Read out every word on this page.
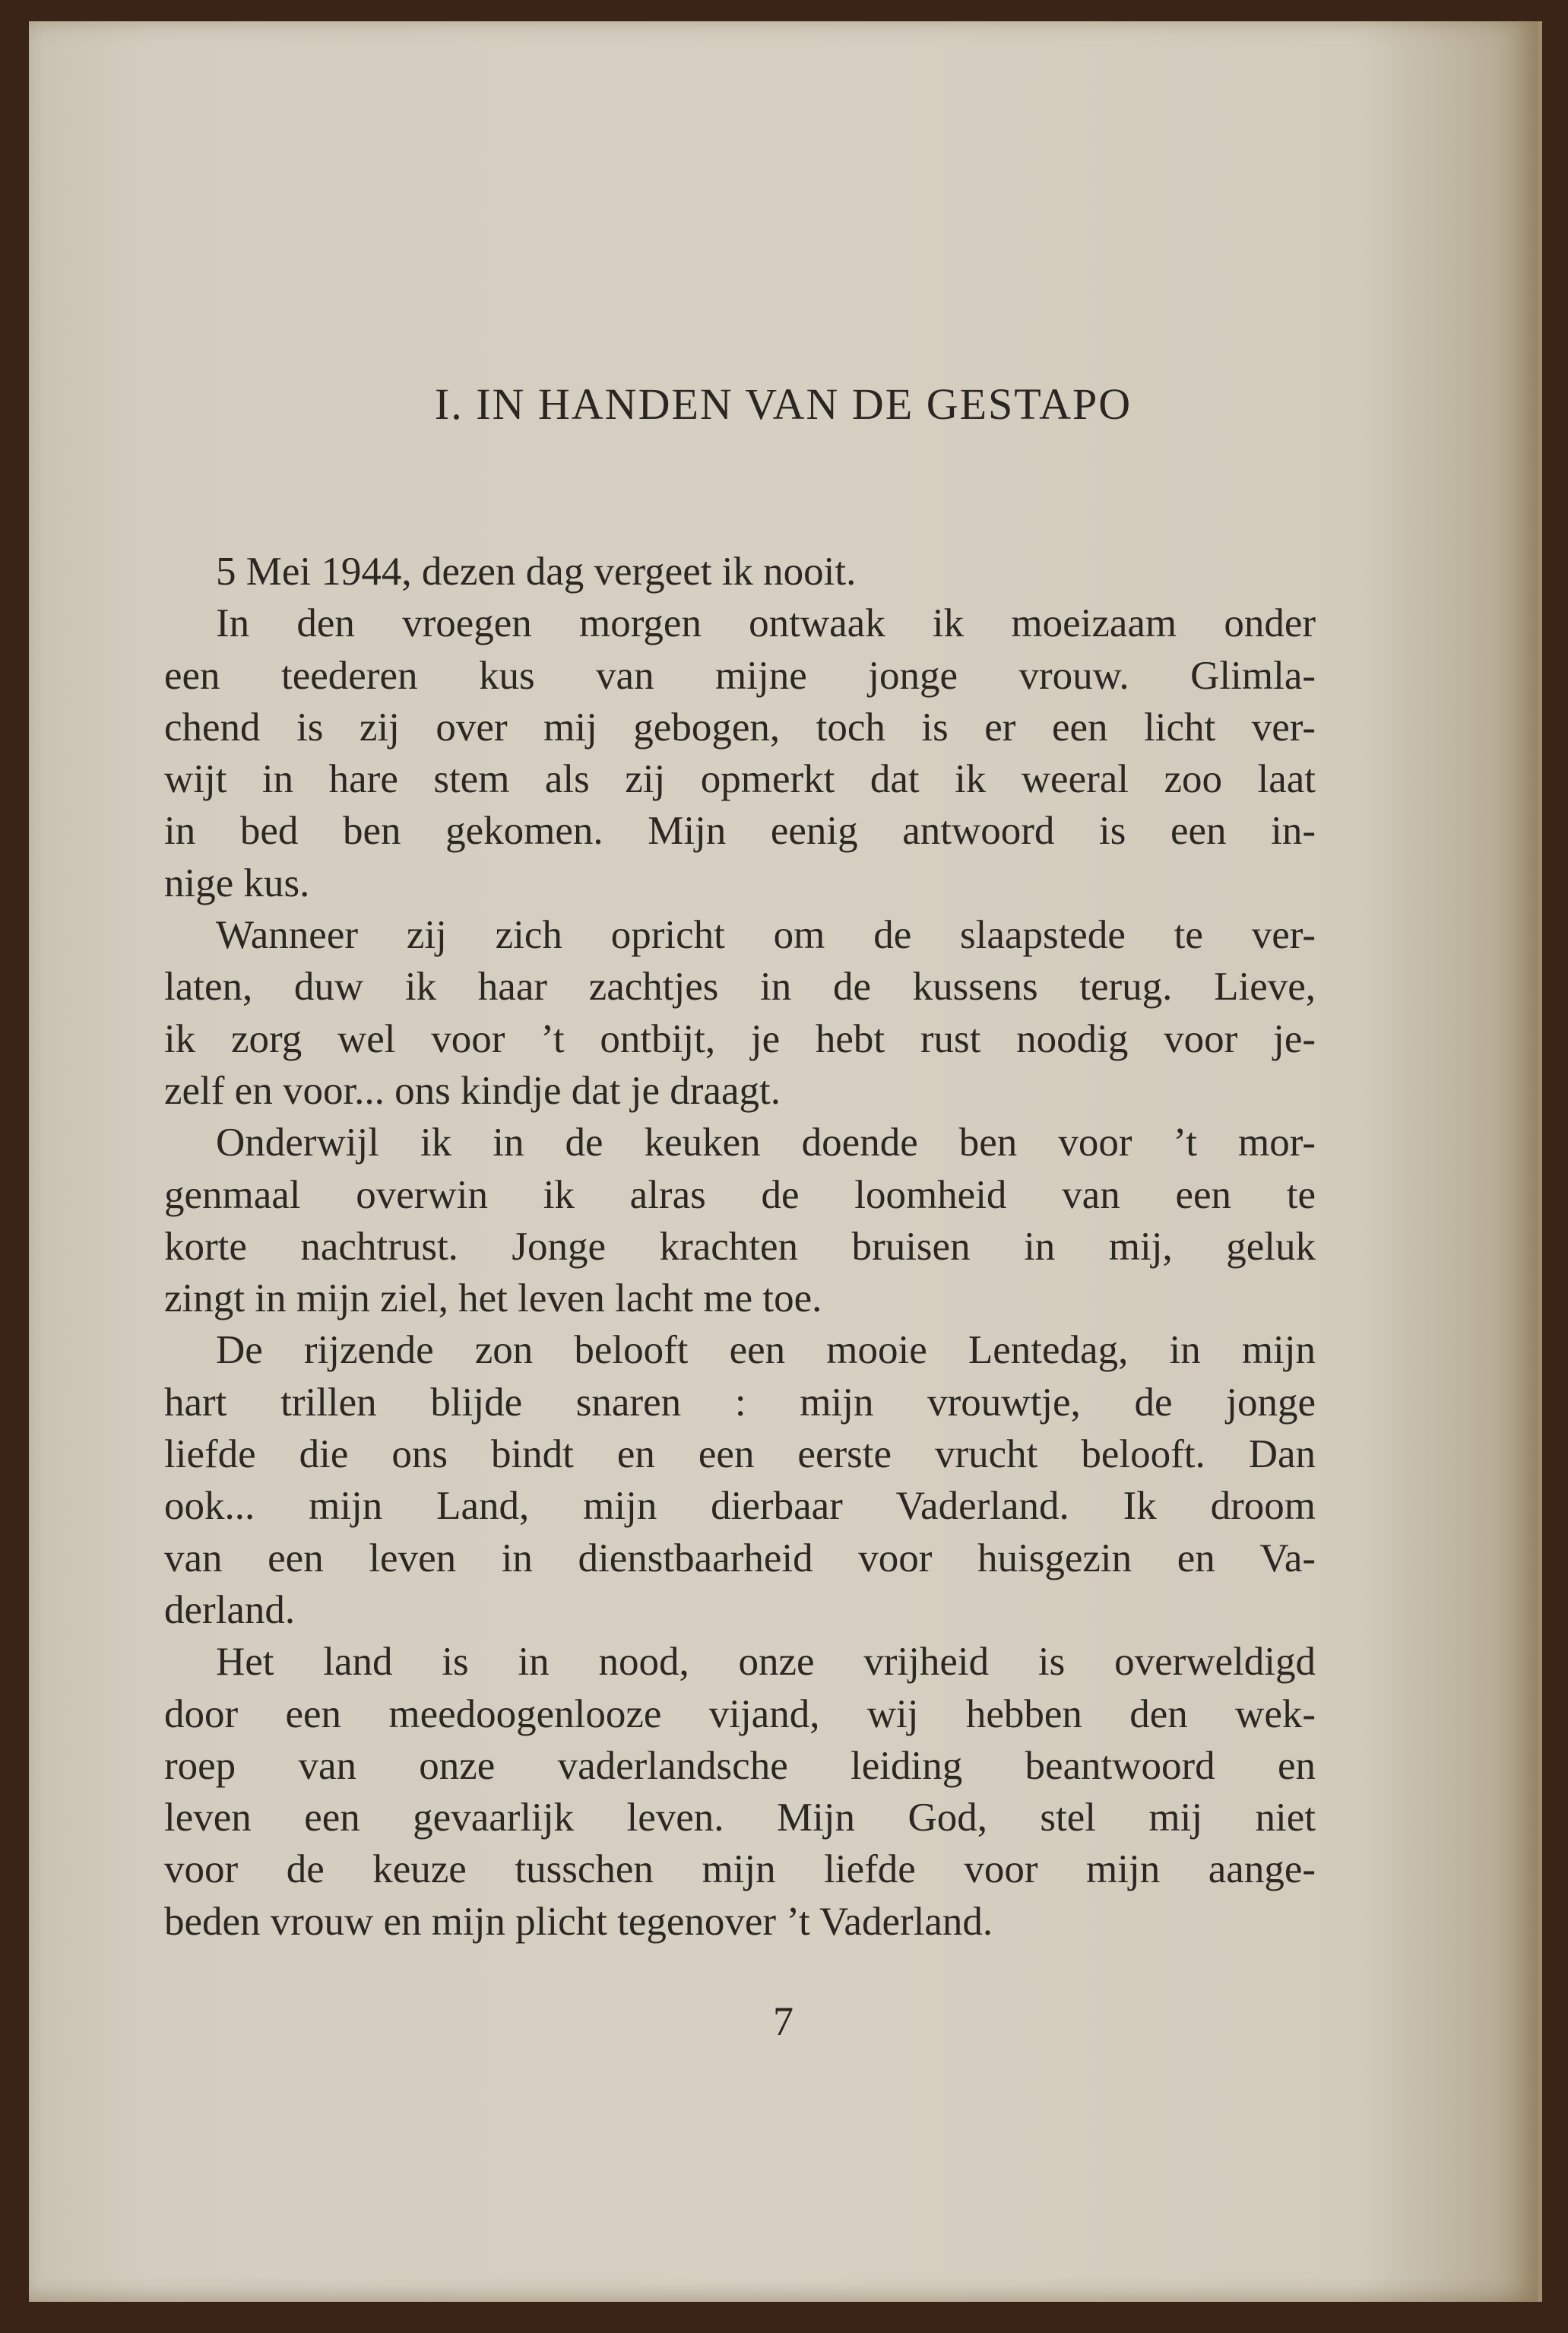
I. IN HANDEN VAN DE GESTAPO
5 Mei 1944, dezen dag vergeet ik nooit.
In den vroegen morgen ontwaak ik moeizaam onder
een teederen kus van mijne jonge vrouw. Glimla-
chend is zij over mij gebogen, toch is er een licht ver-
wijt in hare stem als zij opmerkt dat ik weeral zoo laat
in bed ben gekomen. Mijn eenig antwoord is een in-
nige kus.
Wanneer zij zich opricht om de slaapstede te ver-
laten, duw ik haar zachtjes in de kussens terug. Lieve,
ik zorg wel voor ’t ontbijt, je hebt rust noodig voor je-
zelf en voor... ons kindje dat je draagt.
Onderwijl ik in de keuken doende ben voor ’t mor-
genmaal overwin ik alras de loomheid van een te
korte nachtrust. Jonge krachten bruisen in mij, geluk
zingt in mijn ziel, het leven lacht me toe.
De rijzende zon belooft een mooie Lentedag, in mijn
hart trillen blijde snaren : mijn vrouwtje, de jonge
liefde die ons bindt en een eerste vrucht belooft. Dan
ook... mijn Land, mijn dierbaar Vaderland. Ik droom
van een leven in dienstbaarheid voor huisgezin en Va-
derland.
Het land is in nood, onze vrijheid is overweldigd
door een meedoogenlooze vijand, wij hebben den wek-
roep van onze vaderlandsche leiding beantwoord en
leven een gevaarlijk leven. Mijn God, stel mij niet
voor de keuze tusschen mijn liefde voor mijn aange-
beden vrouw en mijn plicht tegenover ’t Vaderland.
7
